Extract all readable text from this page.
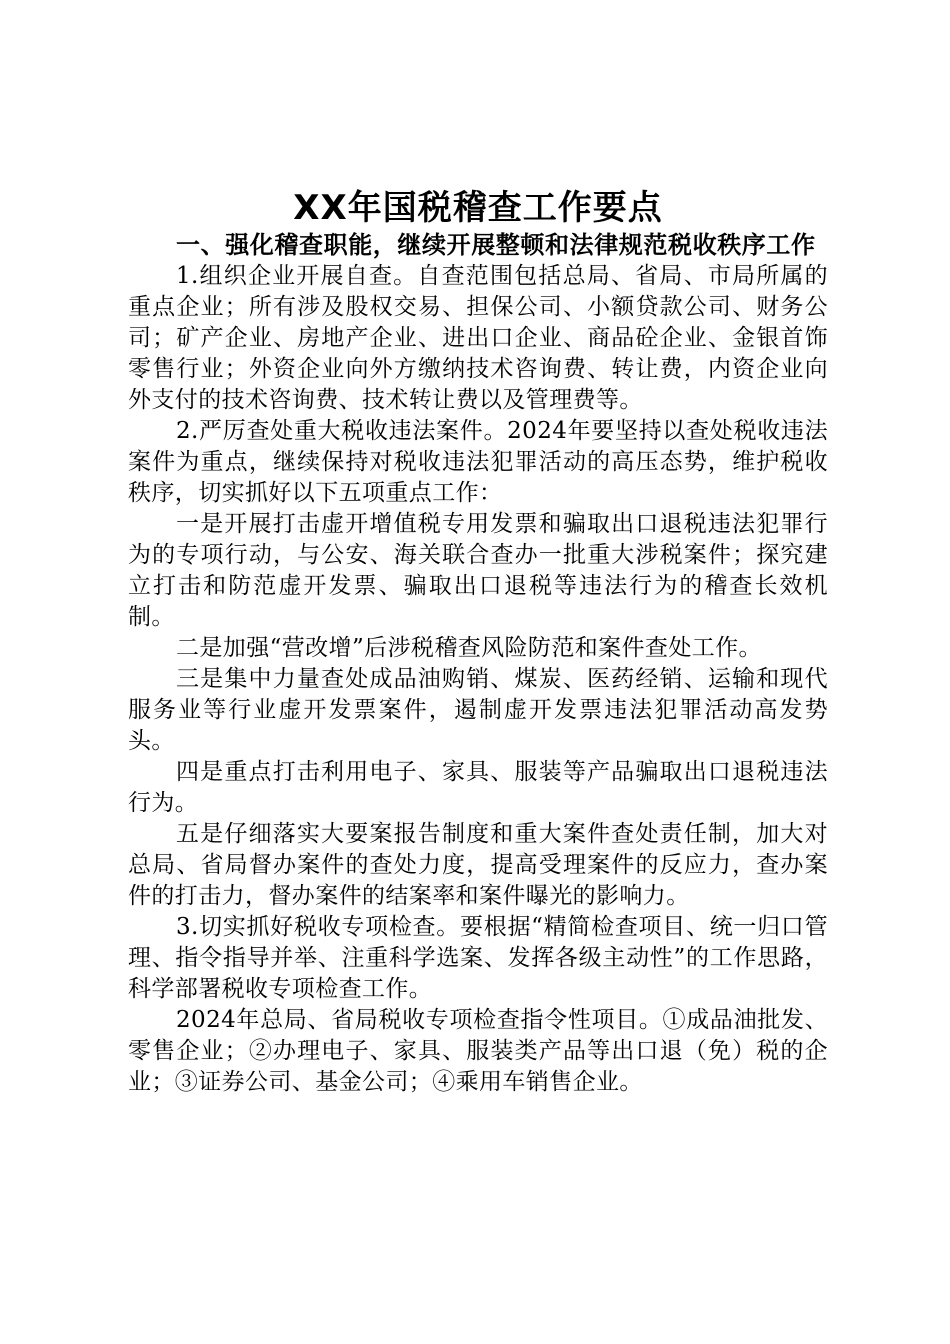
XX年国税稽查工作要点

一、强化稽查职能，继续开展整顿和法律规范税收秩序工作

1.组织企业开展自查。自查范围包括总局、省局、市局所属的重点企业；所有涉及股权交易、担保公司、小额贷款公司、财务公司；矿产企业、房地产企业、进出口企业、商品砼企业、金银首饰零售行业；外资企业向外方缴纳技术咨询费、转让费，内资企业向外支付的技术咨询费、技术转让费以及管理费等。

2.严厉查处重大税收违法案件。2024年要坚持以查处税收违法案件为重点，继续保持对税收违法犯罪活动的高压态势，维护税收秩序，切实抓好以下五项重点工作：

一是开展打击虚开增值税专用发票和骗取出口退税违法犯罪行为的专项行动，与公安、海关联合查办一批重大涉税案件；探究建立打击和防范虚开发票、骗取出口退税等违法行为的稽查长效机制。

二是加强“营改增”后涉税稽查风险防范和案件查处工作。

三是集中力量查处成品油购销、煤炭、医药经销、运输和现代服务业等行业虚开发票案件，遏制虚开发票违法犯罪活动高发势头。

四是重点打击利用电子、家具、服装等产品骗取出口退税违法行为。

五是仔细落实大要案报告制度和重大案件查处责任制，加大对总局、省局督办案件的查处力度，提高受理案件的反应力，查办案件的打击力，督办案件的结案率和案件曝光的影响力。

3.切实抓好税收专项检查。要根据“精简检查项目、统一归口管理、指令指导并举、注重科学选案、发挥各级主动性”的工作思路，科学部署税收专项检查工作。

2024年总局、省局税收专项检查指令性项目。①成品油批发、零售企业；②办理电子、家具、服装类产品等出口退（免）税的企业；③证券公司、基金公司；④乘用车销售企业。
